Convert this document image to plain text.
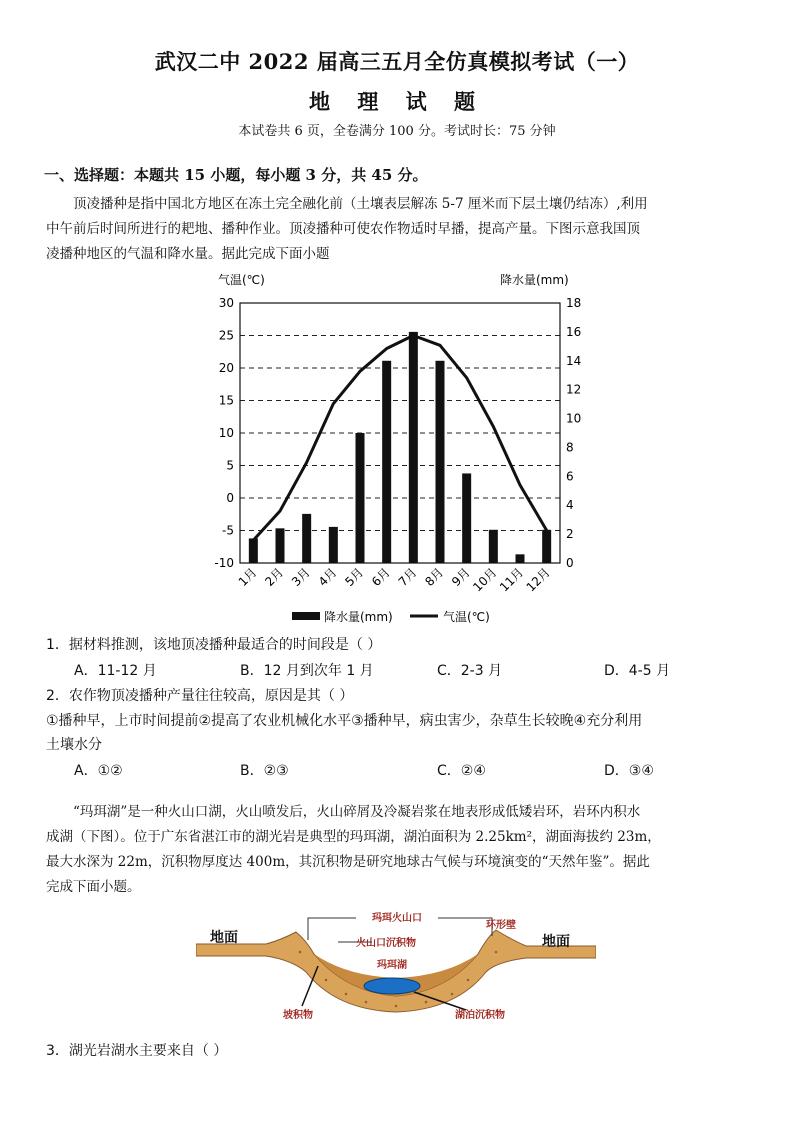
武汉二中 2022 届高三五月全仿真模拟考试（一）
地 理 试 题
本试卷共 6 页，全卷满分 100 分。考试时长：75 分钟
一、选择题：本题共 15 小题，每小题 3 分，共 45 分。

顶凌播种是指中国北方地区在冻土完全融化前（土壤表层解冻 5-7 厘米而下层土壤仍结冻）,利用

中午前后时间所进行的耙地、播种作业。顶凌播种可使农作物适时早播，提高产量。下图示意我国顶

凌播种地区的气温和降水量。据此完成下面小题

气温(℃)	降水量(mm)
30
25
20
15
10
5
0
-5
-10
18
16
14
12
10
8
6
4
2
0
1月 2月 3月 4月 5月 6月 7月 8月 9月
10月
11月
12月
降水量(mm)	气温(℃)
1．据材料推测，该地顶凌播种最适合的时间段是（ ）
A．11-12 月	B．12 月到次年 1 月	C．2-3 月	D．4-5 月
2．农作物顶凌播种产量往往较高，原因是其（ ）
①播种早，上市时间提前②提高了农业机械化水平③播种早，病虫害少，杂草生长较晚④充分利用
土壤水分
A．①②	B．②③	C．②④	D．③④

“玛珥湖”是一种火山口湖，火山喷发后，火山碎屑及冷凝岩浆在地表形成低矮岩环，岩环内积水

成湖（下图）。位于广东省湛江市的湖光岩是典型的玛珥湖，湖泊面积为 2.25km²，湖面海拔约 23m，

最大水深为 22m，沉积物厚度达 400m，其沉积物是研究地球古气候与环境演变的“天然年鉴”。据此

完成下面小题。

玛珥火山口
火山口沉积物
玛珥湖
环形壁
地面	地面
坡积物	湖泊沉积物
3．湖光岩湖水主要来自（ ）
